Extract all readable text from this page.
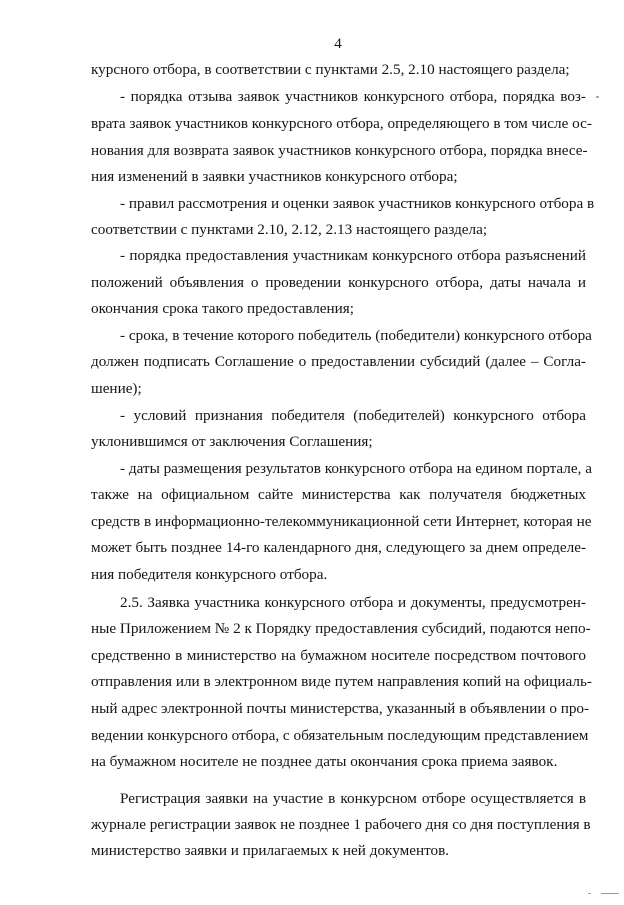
4
курсного отбора, в соответствии с пунктами 2.5, 2.10 настоящего раздела;
- порядка отзыва заявок участников конкурсного отбора, порядка воз-
врата заявок участников конкурсного отбора, определяющего в том числе ос-
нования для возврата заявок участников конкурсного отбора, порядка внесе-
ния изменений в заявки участников конкурсного отбора;
- правил рассмотрения и оценки заявок участников конкурсного отбора в
соответствии с пунктами 2.10, 2.12, 2.13 настоящего раздела;
- порядка предоставления участникам конкурсного отбора разъяснений
положений объявления о проведении конкурсного отбора, даты начала и
окончания срока такого предоставления;
- срока, в течение которого победитель (победители) конкурсного отбора
должен подписать Соглашение о предоставлении субсидий (далее – Согла-
шение);
- условий признания победителя (победителей) конкурсного отбора
уклонившимся от заключения Соглашения;
- даты размещения результатов конкурсного отбора на едином портале, а
также на официальном сайте министерства как получателя бюджетных
средств в информационно-телекоммуникационной сети Интернет, которая не
может быть позднее 14-го календарного дня, следующего за днем определе-
ния победителя конкурсного отбора.
2.5. Заявка участника конкурсного отбора и документы, предусмотрен-
ные Приложением № 2 к Порядку предоставления субсидий, подаются непо-
средственно в министерство на бумажном носителе посредством почтового
отправления или в электронном виде путем направления копий на официаль-
ный адрес электронной почты министерства, указанный в объявлении о про-
ведении конкурсного отбора, с обязательным последующим представлением
на бумажном носителе не позднее даты окончания срока приема заявок.
Регистрация заявки на участие в конкурсном отборе осуществляется в
журнале регистрации заявок не позднее 1 рабочего дня со дня поступления в
министерство заявки и прилагаемых к ней документов.
